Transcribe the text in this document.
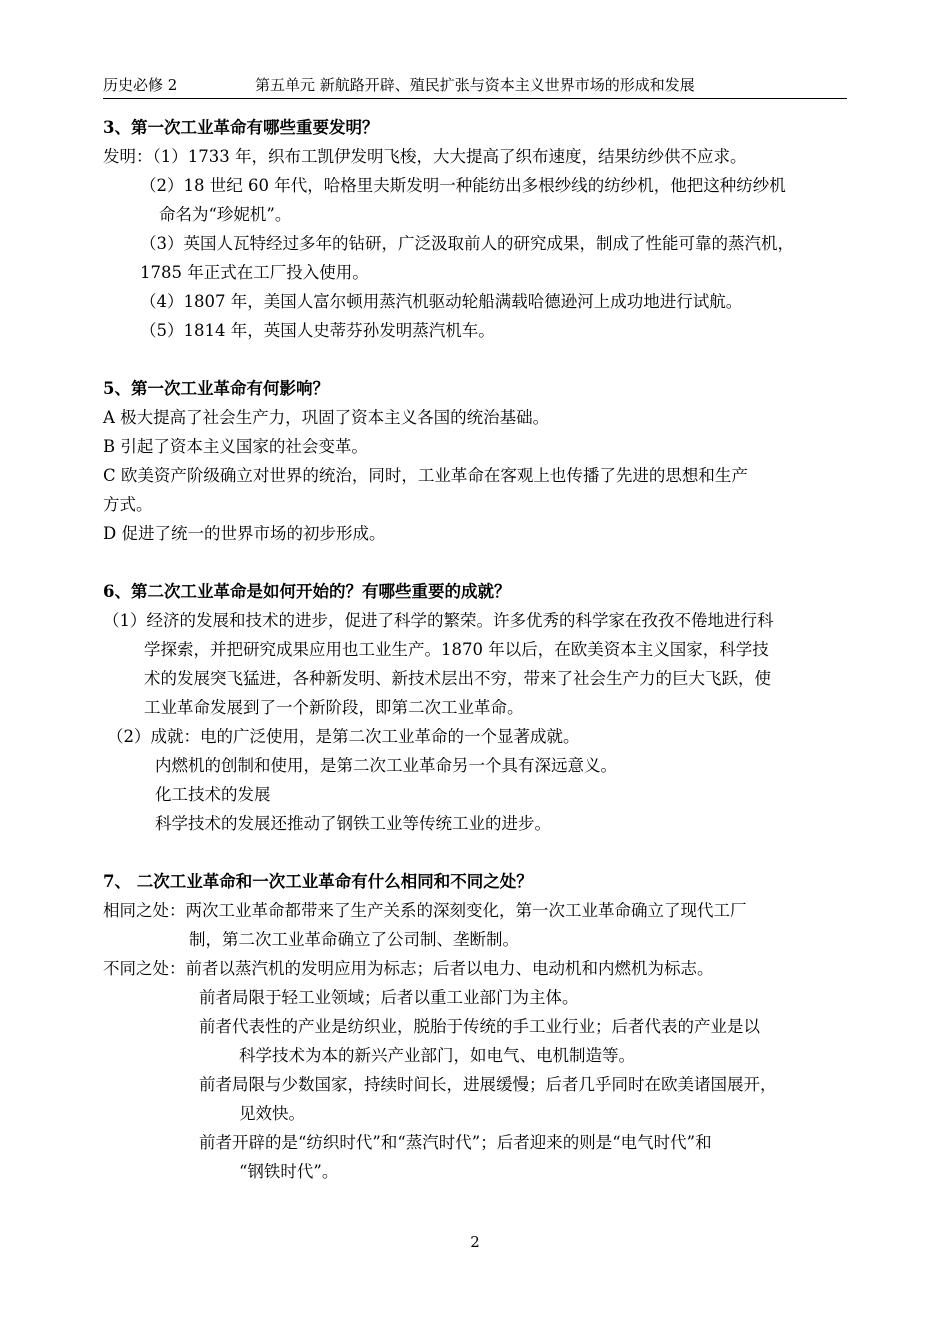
历史必修 2	第五单元 新航路开辟、殖民扩张与资本主义世界市场的形成和发展

3、第一次工业革命有哪些重要发明？

发明：（1）1733 年，织布工凯伊发明飞梭，大大提高了织布速度，结果纺纱供不应求。

（2）18 世纪 60 年代，哈格里夫斯发明一种能纺出多根纱线的纺纱机，他把这种纺纱机

命名为“珍妮机”。

（3）英国人瓦特经过多年的钻研，广泛汲取前人的研究成果，制成了性能可靠的蒸汽机，

1785 年正式在工厂投入使用。

（4）1807 年，美国人富尔顿用蒸汽机驱动轮船满载哈德逊河上成功地进行试航。

（5）1814 年，英国人史蒂芬孙发明蒸汽机车。

5、第一次工业革命有何影响？

A 极大提高了社会生产力，巩固了资本主义各国的统治基础。

B 引起了资本主义国家的社会变革。

C 欧美资产阶级确立对世界的统治，同时，工业革命在客观上也传播了先进的思想和生产

方式。

D 促进了统一的世界市场的初步形成。

6、第二次工业革命是如何开始的？有哪些重要的成就？

（1）经济的发展和技术的进步，促进了科学的繁荣。许多优秀的科学家在孜孜不倦地进行科

学探索，并把研究成果应用也工业生产。1870 年以后，在欧美资本主义国家，科学技

术的发展突飞猛进，各种新发明、新技术层出不穷，带来了社会生产力的巨大飞跃，使

工业革命发展到了一个新阶段，即第二次工业革命。

（2）成就：电的广泛使用，是第二次工业革命的一个显著成就。

内燃机的创制和使用，是第二次工业革命另一个具有深远意义。

化工技术的发展

科学技术的发展还推动了钢铁工业等传统工业的进步。

7、 二次工业革命和一次工业革命有什么相同和不同之处？

相同之处：两次工业革命都带来了生产关系的深刻变化，第一次工业革命确立了现代工厂

制，第二次工业革命确立了公司制、垄断制。

不同之处：前者以蒸汽机的发明应用为标志；后者以电力、电动机和内燃机为标志。

前者局限于轻工业领域；后者以重工业部门为主体。

前者代表性的产业是纺织业，脱胎于传统的手工业行业；后者代表的产业是以

科学技术为本的新兴产业部门，如电气、电机制造等。

前者局限与少数国家，持续时间长，进展缓慢；后者几乎同时在欧美诸国展开，

见效快。

前者开辟的是“纺织时代”和“蒸汽时代”；后者迎来的则是“电气时代”和

“钢铁时代”。

2
